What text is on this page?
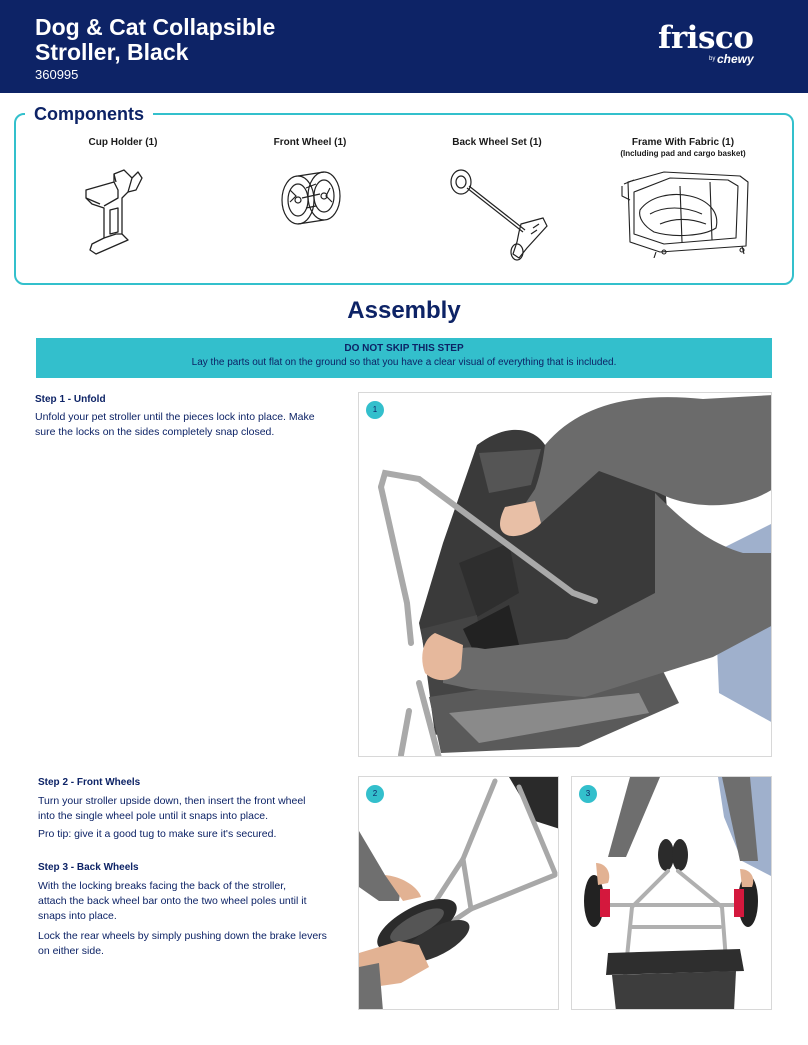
Dog & Cat Collapsible
Stroller, Black
360995
frisco
by chewy
Components
Cup Holder (1)	Front Wheel (1)	Back Wheel Set (1)	Frame With Fabric (1)
(Including pad and cargo basket)
Assembly
DO NOT SKIP THIS STEP
Lay the parts out flat on the ground so that you have a clear visual of everything that is included.
Step 1 - Unfold
Unfold your pet stroller until the pieces lock into place. Make
sure the locks on the sides completely snap closed.
1
Step 2 - Front Wheels
Turn your stroller upside down, then insert the front wheel
into the single wheel pole until it snaps into place.
Pro tip: give it a good tug to make sure it's secured.
Step 3 - Back Wheels
With the locking breaks facing the back of the stroller,
attach the back wheel bar onto the two wheel poles until it
snaps into place.
Lock the rear wheels by simply pushing down the brake levers
on either side.
2	3
